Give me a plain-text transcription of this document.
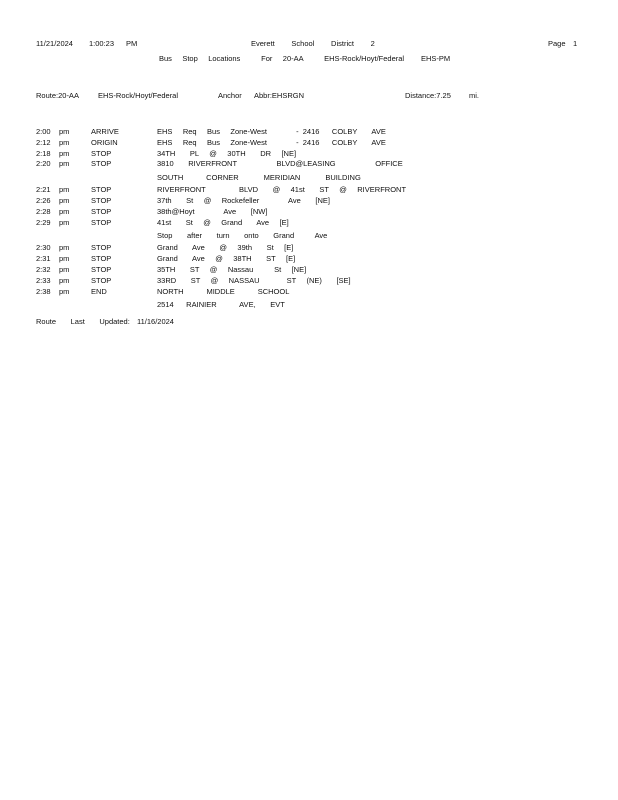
11/21/2024 1:00:23 PM	Everett        School        District        2	Page 1
Bus     Stop     Locations          For     20-AA          EHS-Rock/Hoyt/Federal EHS-PM
Route:20-AA	EHS-Rock/Hoyt/Federal	Anchor Abbr:EHSRGN	Distance:7.25 mi.
2:00 pm	ARRIVE	EHS     Req     Bus     Zone-West              -  2416      COLBY       AVE
2:12 pm	ORIGIN	EHS     Req     Bus     Zone-West              -  2416      COLBY       AVE
2:18 pm	STOP	34TH       PL     @     30TH       DR     [NE]
2:20 pm	STOP	3810       RIVERFRONT                   BLVD@LEASING                   OFFICE
SOUTH           CORNER            MERIDIAN            BUILDING
2:21 pm	STOP	RIVERFRONT                BLVD       @     41st       ST     @     RIVERFRONT
2:26 pm	STOP	37th       St     @     Rockefeller              Ave       [NE]
2:28 pm	STOP	38th@Hoyt              Ave       [NW]
2:29 pm	STOP	41st       St     @     Grand       Ave     [E]
Stop       after       turn       onto       Grand          Ave
2:30 pm	STOP	Grand       Ave       @     39th       St     [E]
2:31 pm	STOP	Grand       Ave     @     38TH       ST     [E]
2:32 pm	STOP	35TH       ST     @     Nassau          St     [NE]
2:33 pm	STOP	33RD       ST     @     NASSAU             ST     (NE)       [SE]
2:38 pm	END	NORTH           MIDDLE           SCHOOL
2514      RAINIER           AVE,       EVT
Route       Last       Updated: 11/16/2024
